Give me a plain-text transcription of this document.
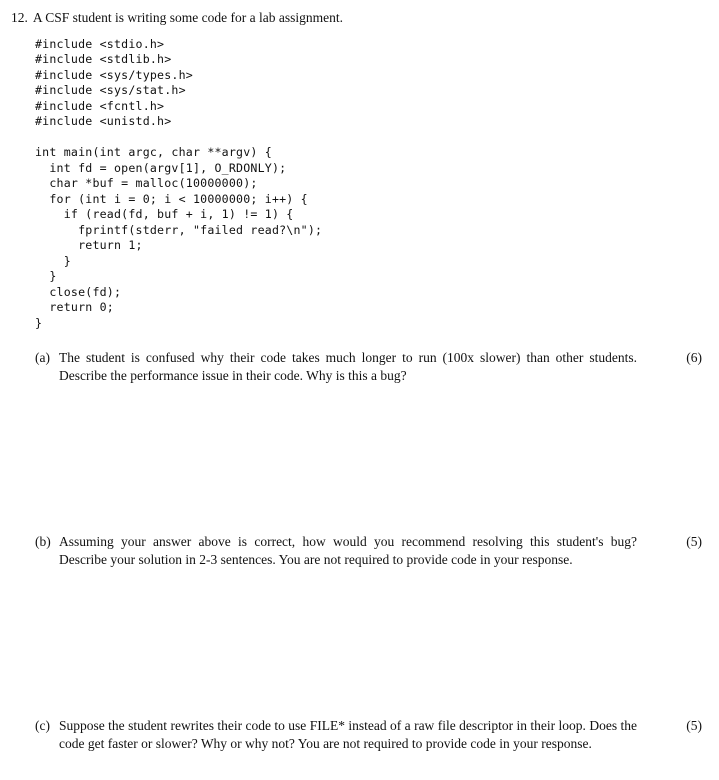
12. A CSF student is writing some code for a lab assignment.
#include <stdio.h>
#include <stdlib.h>
#include <sys/types.h>
#include <sys/stat.h>
#include <fcntl.h>
#include <unistd.h>
int main(int argc, char **argv) {
int fd = open(argv[1], O_RDONLY);
char *buf = malloc(10000000);
for (int i = 0; i < 10000000; i++) {
if (read(fd, buf + i, 1) != 1) {
fprintf(stderr, "failed read?\n");
return 1;
}
}
close(fd);
return 0;
}
(a) The student is confused why their code takes much longer to run (100x slower) than other students. Describe the performance issue in their code. Why is this a bug?
(6)
(b) Assuming your answer above is correct, how would you recommend resolving this student's bug? Describe your solution in 2-3 sentences. You are not required to provide code in your response.
(5)
(c) Suppose the student rewrites their code to use FILE* instead of a raw file descriptor in their loop. Does the code get faster or slower? Why or why not? You are not required to provide code in your response.
(5)
